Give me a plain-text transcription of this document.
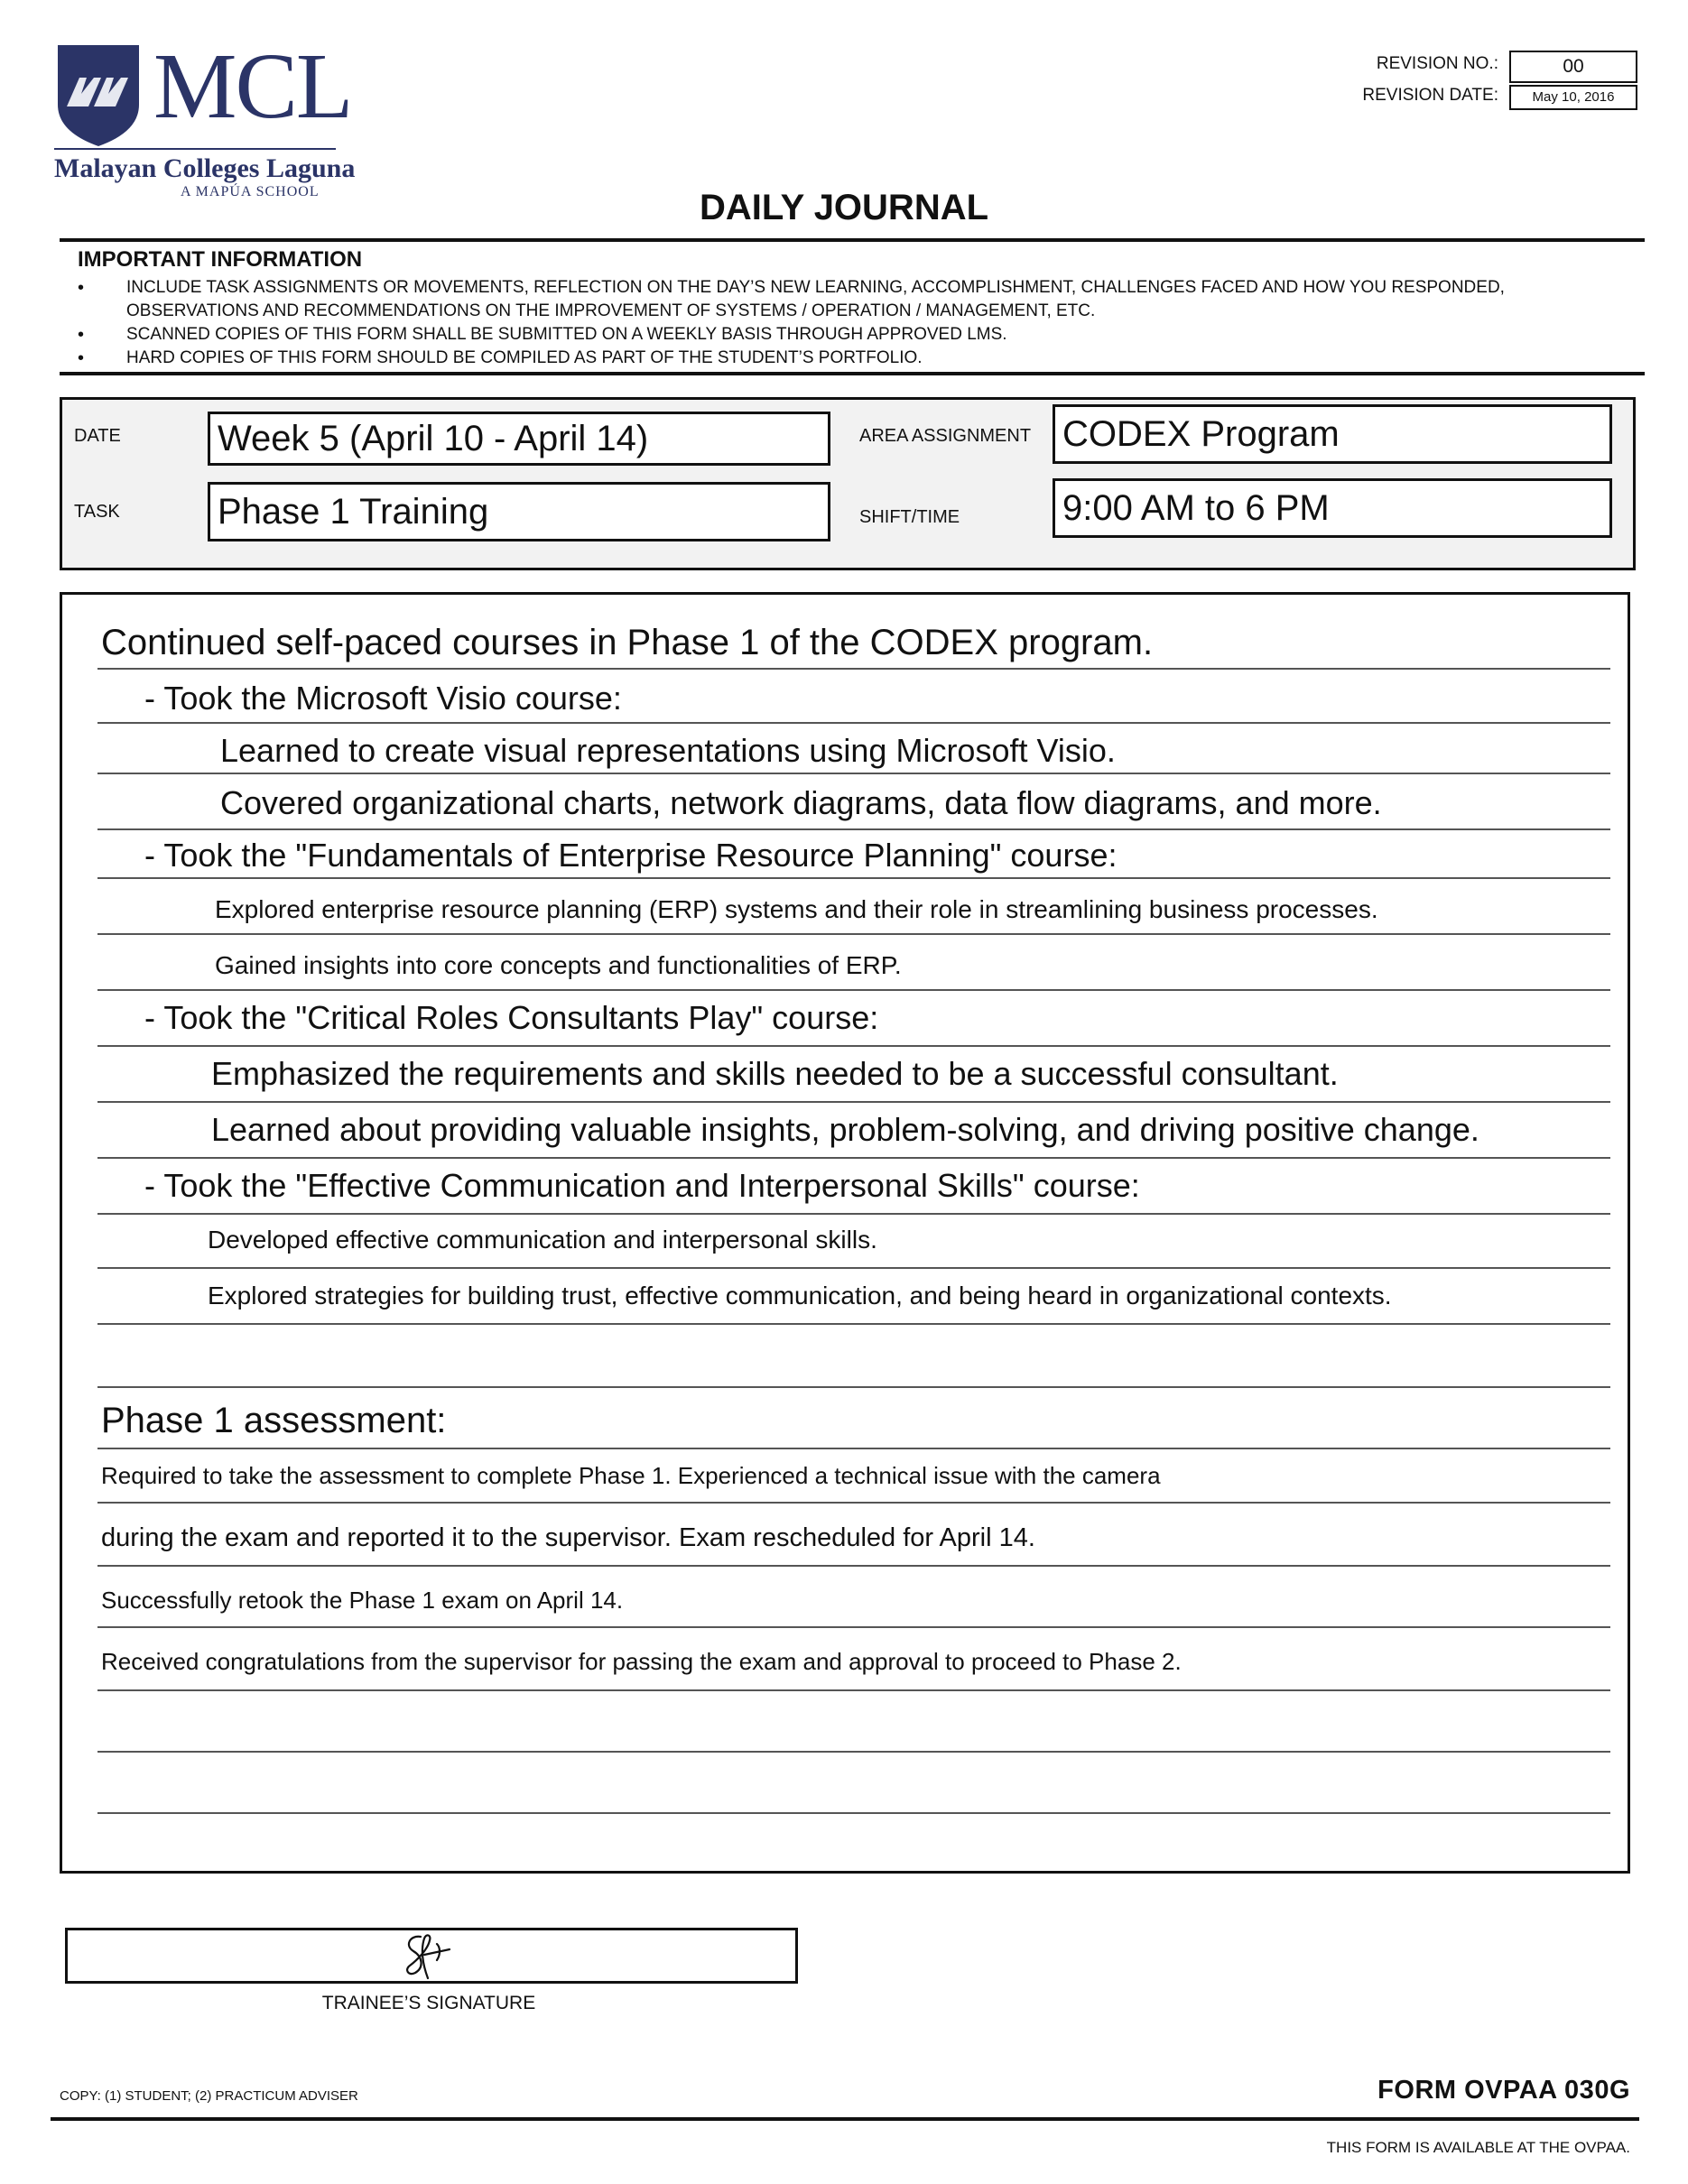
MCL
Malayan Colleges Laguna
A MAPÚA SCHOOL
REVISION NO.:	00
REVISION DATE:	May 10, 2016
DAILY JOURNAL
IMPORTANT INFORMATION
• INCLUDE TASK ASSIGNMENTS OR MOVEMENTS, REFLECTION ON THE DAY’S NEW LEARNING, ACCOMPLISHMENT, CHALLENGES FACED AND HOW YOU RESPONDED, OBSERVATIONS AND RECOMMENDATIONS ON THE IMPROVEMENT OF SYSTEMS / OPERATION / MANAGEMENT, ETC.
• SCANNED COPIES OF THIS FORM SHALL BE SUBMITTED ON A WEEKLY BASIS THROUGH APPROVED LMS.
• HARD COPIES OF THIS FORM SHOULD BE COMPILED AS PART OF THE STUDENT’S PORTFOLIO.
DATE	Week 5 (April 10 - April 14)
TASK	Phase 1 Training
AREA ASSIGNMENT CODEX Program
SHIFT/TIME	9:00 AM to 6 PM
Continued self-paced courses in Phase 1 of the CODEX program.
- Took the Microsoft Visio course:
Learned to create visual representations using Microsoft Visio.
Covered organizational charts, network diagrams, data flow diagrams, and more.
- Took the "Fundamentals of Enterprise Resource Planning" course:
Explored enterprise resource planning (ERP) systems and their role in streamlining business processes.
Gained insights into core concepts and functionalities of ERP.
- Took the "Critical Roles Consultants Play" course:
Emphasized the requirements and skills needed to be a successful consultant.
Learned about providing valuable insights, problem-solving, and driving positive change.
- Took the "Effective Communication and Interpersonal Skills" course:
Developed effective communication and interpersonal skills.
Explored strategies for building trust, effective communication, and being heard in organizational contexts.
Phase 1 assessment:
Required to take the assessment to complete Phase 1. Experienced a technical issue with the camera
during the exam and reported it to the supervisor. Exam rescheduled for April 14.
Successfully retook the Phase 1 exam on April 14.
Received congratulations from the supervisor for passing the exam and approval to proceed to Phase 2.
TRAINEE’S SIGNATURE
COPY: (1) STUDENT; (2) PRACTICUM ADVISER	FORM OVPAA 030G
THIS FORM IS AVAILABLE AT THE OVPAA.
